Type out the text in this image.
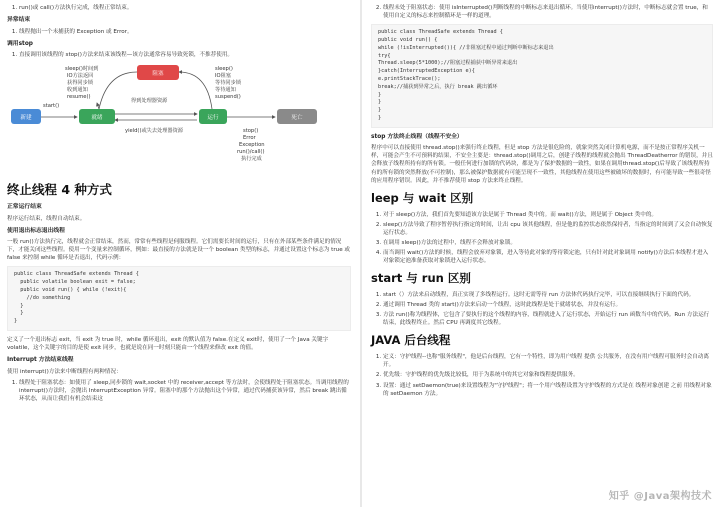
1. run()或 call()方法执行完成，线程正常结束。
异常结束
1. 线程抛出一个未捕获的 Exception 或 Error。
调用stop
1. 直接调用该线程的 stop()方法来结束该线程—该方法通常容易导致死锁，不推荐使用。
新建	就绪
阻塞
运行	死亡
start()
sleep()时间到
IO方法返回
获得同步锁
收到通知
resume()
sleep()
IO阻塞
等待同步锁
等待通知
suspend()
得到处理器资源
yield()或失去处理器资源	stop()
Error
Exception
run()/call()
执行完成
终止线程 4 种方式
正常运行结束

程序运行结束，线程自动结束。

使用退出标志退出线程

一般 run()方法执行完，线程就会正常结束，然而，常常有些线程是伺服线程。它们需要长时间的运行，只有在外部某些条件满足的情况下，才能关闭这些线程。使用一个变量来控制循环，例如：最直接的方法就是设一个 boolean 类型的标志，并通过设置这个标志为 true 或 false 来控制 while 循环是否退出，代码示例：

public class ThreadSafe extends Thread {
public volatile boolean exit = false;
public void run() { while (!exit){
//do something
}
}
}

定义了一个退出标志 exit，当 exit 为 true 时，while 循环退出，exit 的默认值为 false.在定义 exit时，使用了一个 Java 关键字 volatile，这个关键字的目的是使 exit 同步，也就是说在同一时刻只能由一个线程来修改 exit 的值。

Interrupt 方法结束线程

使用 interrupt()方法来中断线程有两种情况：

1. 线程处于阻塞状态：如使用了 sleep,同步锁的 wait,socket 中的 receiver,accept 等方法时，会使线程处于阻塞状态。当调用线程的 interrupt()方法时，会抛出 InterruptException 异常。阻塞中的那个方法抛出这个异常，通过代码捕获该异常，然后 break 跳出循环状态，从而让我们有机会结束这
2. 线程未处于阻塞状态：使用 isInterrupted()判断线程的中断标志来退出循环。当使用interrupt()方法时，中断标志就会置 true，和使用自定义的标志来控制循环是一样的道理。
public class ThreadSafe extends Thread {
public void run() {
while (!isInterrupted()){ //非阻塞过程中通过判断中断标志来退出
try{
Thread.sleep(5*1000);//阻塞过程捕获中断异常来退出
}catch(InterruptedException e){
e.printStackTrace();
break;//捕获到异常之后，执行 break 跳出循环
}
}
}
}
stop 方法终止线程（线程不安全）

程序中可以直接使用 thread.stop()来强行终止线程，但是 stop 方法是很危险的，就象突然关闭计算机电源，而不是按正常程序关机一样，可能会产生不可预料的结果，不安全主要是：thread.stop()调用之后，创建子线程的线程就会抛出 ThreadDeatherror 的错误，并且会释放子线程所持有的所有锁。一般任何进行加锁的代码块，都是为了保护数据的一致性，如果在调用thread.stop()后导致了该线程所持有的所有锁的突然释放(不可控制)，那么被保护数据就有可能呈现不一致性，其他线程在使用这些被破坏的数据时，有可能导致一些很奇怪的应用程序错误。因此，并不推荐使用 stop 方法来终止线程。

leep 与 wait 区别
1. 对于 sleep()方法，我们首先要知道该方法是属于 Thread 类中的。而 wait()方法，则是属于 Object 类中的。
2. sleep()方法导致了程序暂停执行指定的时间，让出 cpu 该其他线程，但是他的监控状态依然保持者，当指定的时间到了又会自动恢复运行状态。
3. 在调用 sleep()方法的过程中，线程不会释放对象锁。
4. 而当调用 wait()方法的时候，线程会放弃对象锁，进入等待此对象的等待锁定池，只有针对此对象调用 notify()方法后本线程才进入对象锁定池准备获取对象锁进入运行状态。
start 与 run 区别
1. start（）方法来启动线程，真正实现了多线程运行。这时无需等待 run 方法体代码执行完毕，可以直接继续执行下面的代码。
2. 通过调用 Thread 类的 start()方法来启动一个线程，这时此线程是处于就绪状态，并没有运行。
3. 方法 run()称为线程体，它包含了要执行的这个线程的内容，线程就进入了运行状态，开始运行 run 函数当中的代码。Run 方法运行结束，此线程终止。然后 CPU 再调度其它线程。
JAVA 后台线程
1. 定义：守护线程--也称"服务线程"，他是后台线程，它有一个特性，即为用户线程 提供 公共服务，在没有用户线程可服务时会自动离开。
2. 优先级：守护线程的优先级比较低，用于为系统中的其它对象和线程提供服务。
3. 设置：通过 setDaemon(true)来设置线程为"守护线程"；将一个用户线程设置为守护线程的方式是在 线程对象创建 之前 用线程对象的 setDaemon 方法。
知乎 @Java架构技术
